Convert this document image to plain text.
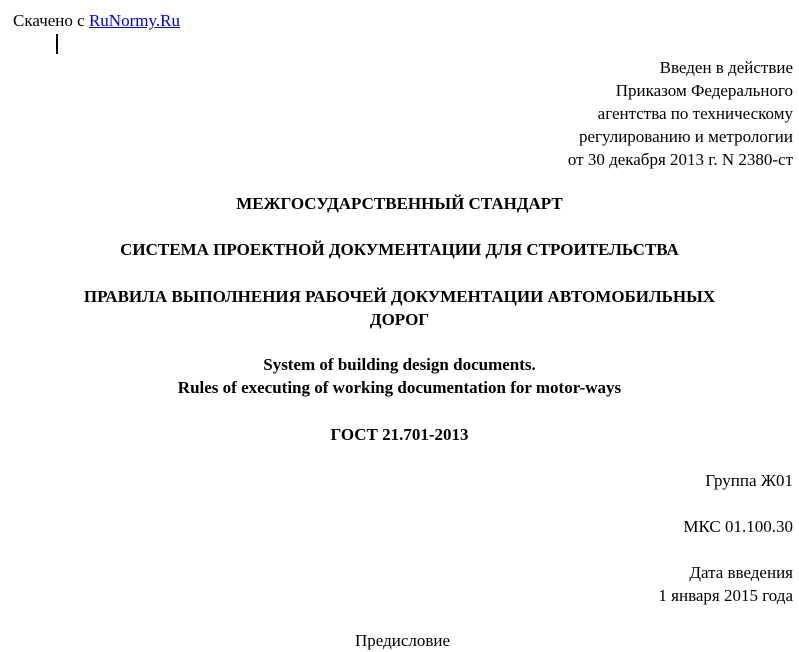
Скачено с RuNormy.Ru
Введен в действие
Приказом Федерального
агентства по техническому
регулированию и метрологии
от 30 декабря 2013 г. N 2380-ст
МЕЖГОСУДАРСТВЕННЫЙ СТАНДАРТ
СИСТЕМА ПРОЕКТНОЙ ДОКУМЕНТАЦИИ ДЛЯ СТРОИТЕЛЬСТВА
ПРАВИЛА ВЫПОЛНЕНИЯ РАБОЧЕЙ ДОКУМЕНТАЦИИ АВТОМОБИЛЬНЫХ
ДОРОГ
System of building design documents.
Rules of executing of working documentation for motor-ways
ГОСТ 21.701-2013
Группа Ж01
МКС 01.100.30
Дата введения
1 января 2015 года
Предисловие
